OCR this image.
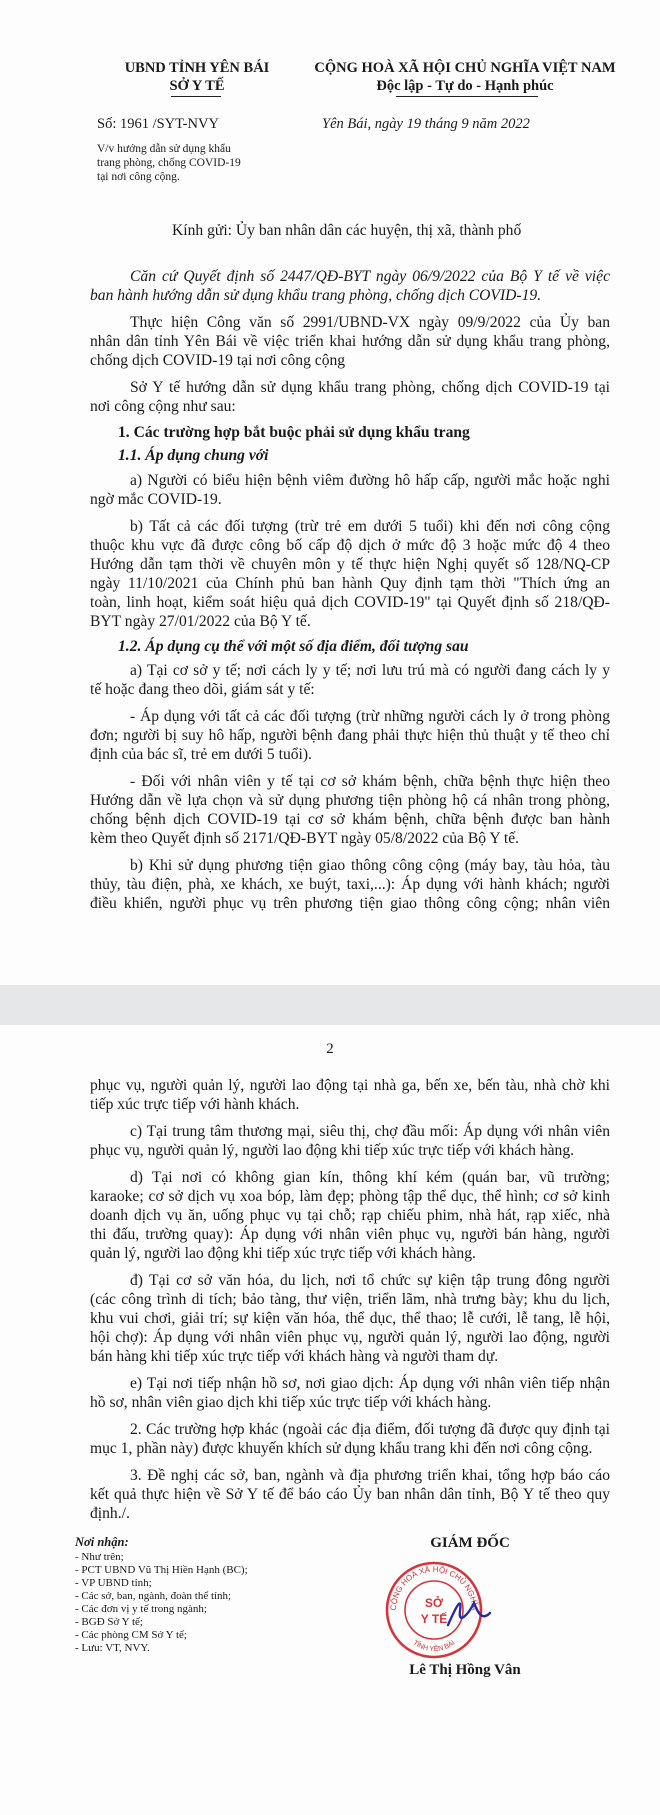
UBND TỈNH YÊN BÁI
SỞ Y TẾ
CỘNG HOÀ XÃ HỘI CHỦ NGHĨA VIỆT NAM
Độc lập - Tự do - Hạnh phúc
Số: 1961 /SYT-NVY	Yên Bái, ngày 19 tháng 9 năm 2022
V/v hướng dẫn sử dụng khẩu
trang phòng, chống COVID-19
tại nơi công cộng.
Kính gửi: Ủy ban nhân dân các huyện, thị xã, thành phố
Căn cứ Quyết định số 2447/QĐ-BYT ngày 06/9/2022 của Bộ Y tế về việc
ban hành hướng dẫn sử dụng khẩu trang phòng, chống dịch COVID-19.
Thực hiện Công văn số 2991/UBND-VX ngày 09/9/2022 của Ủy ban
nhân dân tỉnh Yên Bái về việc triển khai hướng dẫn sử dụng khẩu trang phòng,
chống dịch COVID-19 tại nơi công cộng
Sở Y tế hướng dẫn sử dụng khẩu trang phòng, chống dịch COVID-19 tại
nơi công cộng như sau:
1. Các trường hợp bắt buộc phải sử dụng khẩu trang
1.1. Áp dụng chung với
a) Người có biểu hiện bệnh viêm đường hô hấp cấp, người mắc hoặc nghi
ngờ mắc COVID-19.
b) Tất cả các đối tượng (trừ trẻ em dưới 5 tuổi) khi đến nơi công cộng
thuộc khu vực đã được công bố cấp độ dịch ở mức độ 3 hoặc mức độ 4 theo
Hướng dẫn tạm thời về chuyên môn y tế thực hiện Nghị quyết số 128/NQ-CP
ngày 11/10/2021 của Chính phủ ban hành Quy định tạm thời "Thích ứng an
toàn, linh hoạt, kiểm soát hiệu quả dịch COVID-19" tại Quyết định số 218/QĐ-
BYT ngày 27/01/2022 của Bộ Y tế.
1.2. Áp dụng cụ thể với một số địa điểm, đối tượng sau
a) Tại cơ sở y tế; nơi cách ly y tế; nơi lưu trú mà có người đang cách ly y
tế hoặc đang theo dõi, giám sát y tế:
- Áp dụng với tất cả các đối tượng (trừ những người cách ly ở trong phòng
đơn; người bị suy hô hấp, người bệnh đang phải thực hiện thủ thuật y tế theo chỉ
định của bác sĩ, trẻ em dưới 5 tuổi).
- Đối với nhân viên y tế tại cơ sở khám bệnh, chữa bệnh thực hiện theo
Hướng dẫn về lựa chọn và sử dụng phương tiện phòng hộ cá nhân trong phòng,
chống bệnh dịch COVID-19 tại cơ sở khám bệnh, chữa bệnh được ban hành
kèm theo Quyết định số 2171/QĐ-BYT ngày 05/8/2022 của Bộ Y tế.
b) Khi sử dụng phương tiện giao thông công cộng (máy bay, tàu hỏa, tàu
thủy, tàu điện, phà, xe khách, xe buýt, taxi,...): Áp dụng với hành khách; người
điều khiển, người phục vụ trên phương tiện giao thông công cộng; nhân viên
2
phục vụ, người quản lý, người lao động tại nhà ga, bến xe, bến tàu, nhà chờ khi
tiếp xúc trực tiếp với hành khách.
c) Tại trung tâm thương mại, siêu thị, chợ đầu mối: Áp dụng với nhân viên
phục vụ, người quản lý, người lao động khi tiếp xúc trực tiếp với khách hàng.
d) Tại nơi có không gian kín, thông khí kém (quán bar, vũ trường;
karaoke; cơ sở dịch vụ xoa bóp, làm đẹp; phòng tập thể dục, thể hình; cơ sở kinh
doanh dịch vụ ăn, uống phục vụ tại chỗ; rạp chiếu phim, nhà hát, rạp xiếc, nhà
thi đấu, trường quay): Áp dụng với nhân viên phục vụ, người bán hàng, người
quản lý, người lao động khi tiếp xúc trực tiếp với khách hàng.
đ) Tại cơ sở văn hóa, du lịch, nơi tổ chức sự kiện tập trung đông người
(các công trình di tích; bảo tàng, thư viện, triển lãm, nhà trưng bày; khu du lịch,
khu vui chơi, giải trí; sự kiện văn hóa, thể dục, thể thao; lễ cưới, lễ tang, lễ hội,
hội chợ): Áp dụng với nhân viên phục vụ, người quản lý, người lao động, người
bán hàng khi tiếp xúc trực tiếp với khách hàng và người tham dự.
e) Tại nơi tiếp nhận hồ sơ, nơi giao dịch: Áp dụng với nhân viên tiếp nhận
hồ sơ, nhân viên giao dịch khi tiếp xúc trực tiếp với khách hàng.
2. Các trường hợp khác (ngoài các địa điểm, đối tượng đã được quy định tại
mục 1, phần này) được khuyến khích sử dụng khẩu trang khi đến nơi công cộng.
3. Đề nghị các sở, ban, ngành và địa phương triển khai, tổng hợp báo cáo
kết quả thực hiện về Sở Y tế để báo cáo Ủy ban nhân dân tỉnh, Bộ Y tế theo quy
định./.
Nơi nhận:
- Như trên;
- PCT UBND Vũ Thị Hiền Hạnh (BC);
- VP UBND tỉnh;
- Các sở, ban, ngành, đoàn thể tỉnh;
- Các đơn vị y tế trong ngành;
- BGĐ Sở Y tế;
- Các phòng CM Sở Y tế;
- Lưu: VT, NVY.
GIÁM ĐỐC
CỘNG HOÀ XÃ HỘI CHỦ NGHĨA
TỈNH YÊN BÁI
SỞ
Y TẾ
Lê Thị Hồng Vân
